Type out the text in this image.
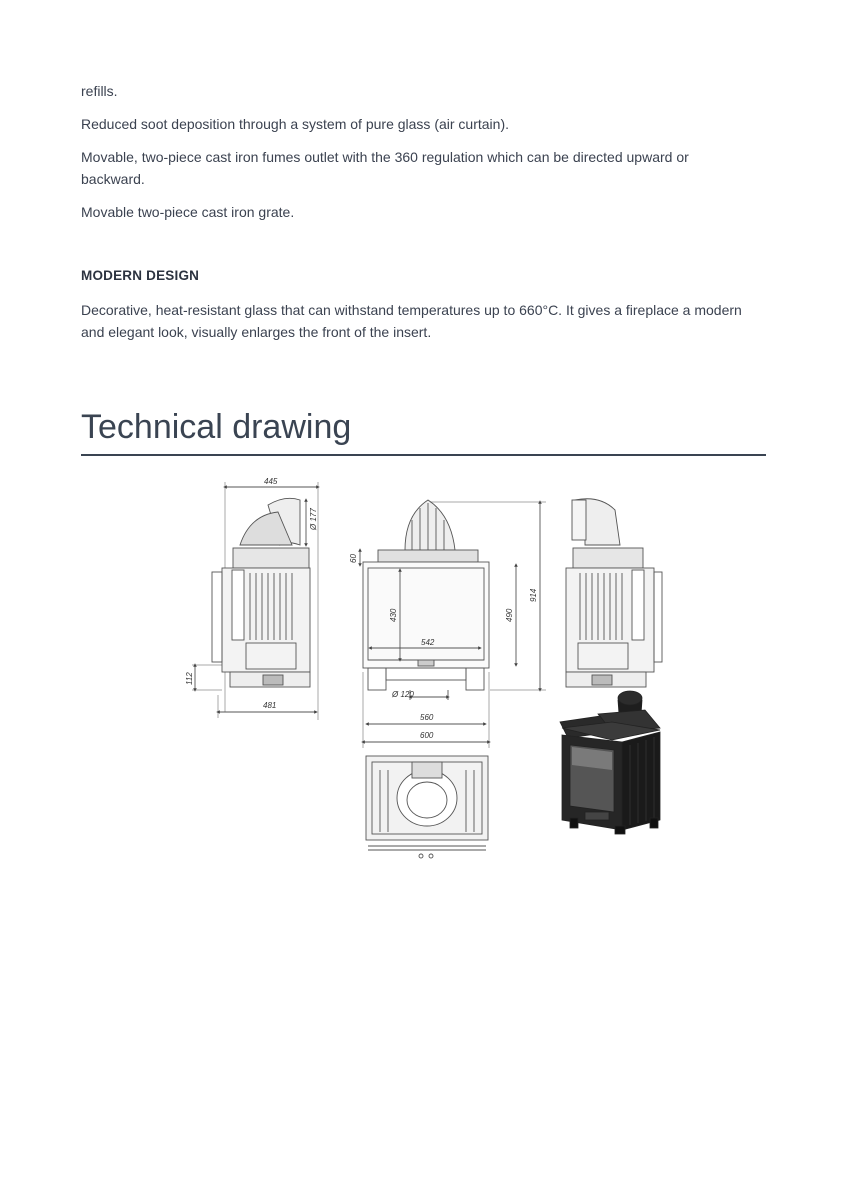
refills.

Reduced soot deposition through a system of pure glass (air curtain).

Movable, two-piece cast iron fumes outlet with the 360 regulation which can be directed upward or backward.

Movable two-piece cast iron grate.

MODERN DESIGN

Decorative, heat-resistant glass that can withstand temperatures up to 660°C. It gives a fireplace a modern and elegant look, visually enlarges the front of the insert.

Technical drawing
445
Ø 177
112
481
60
430
542
490
914
Ø 120
560
600
